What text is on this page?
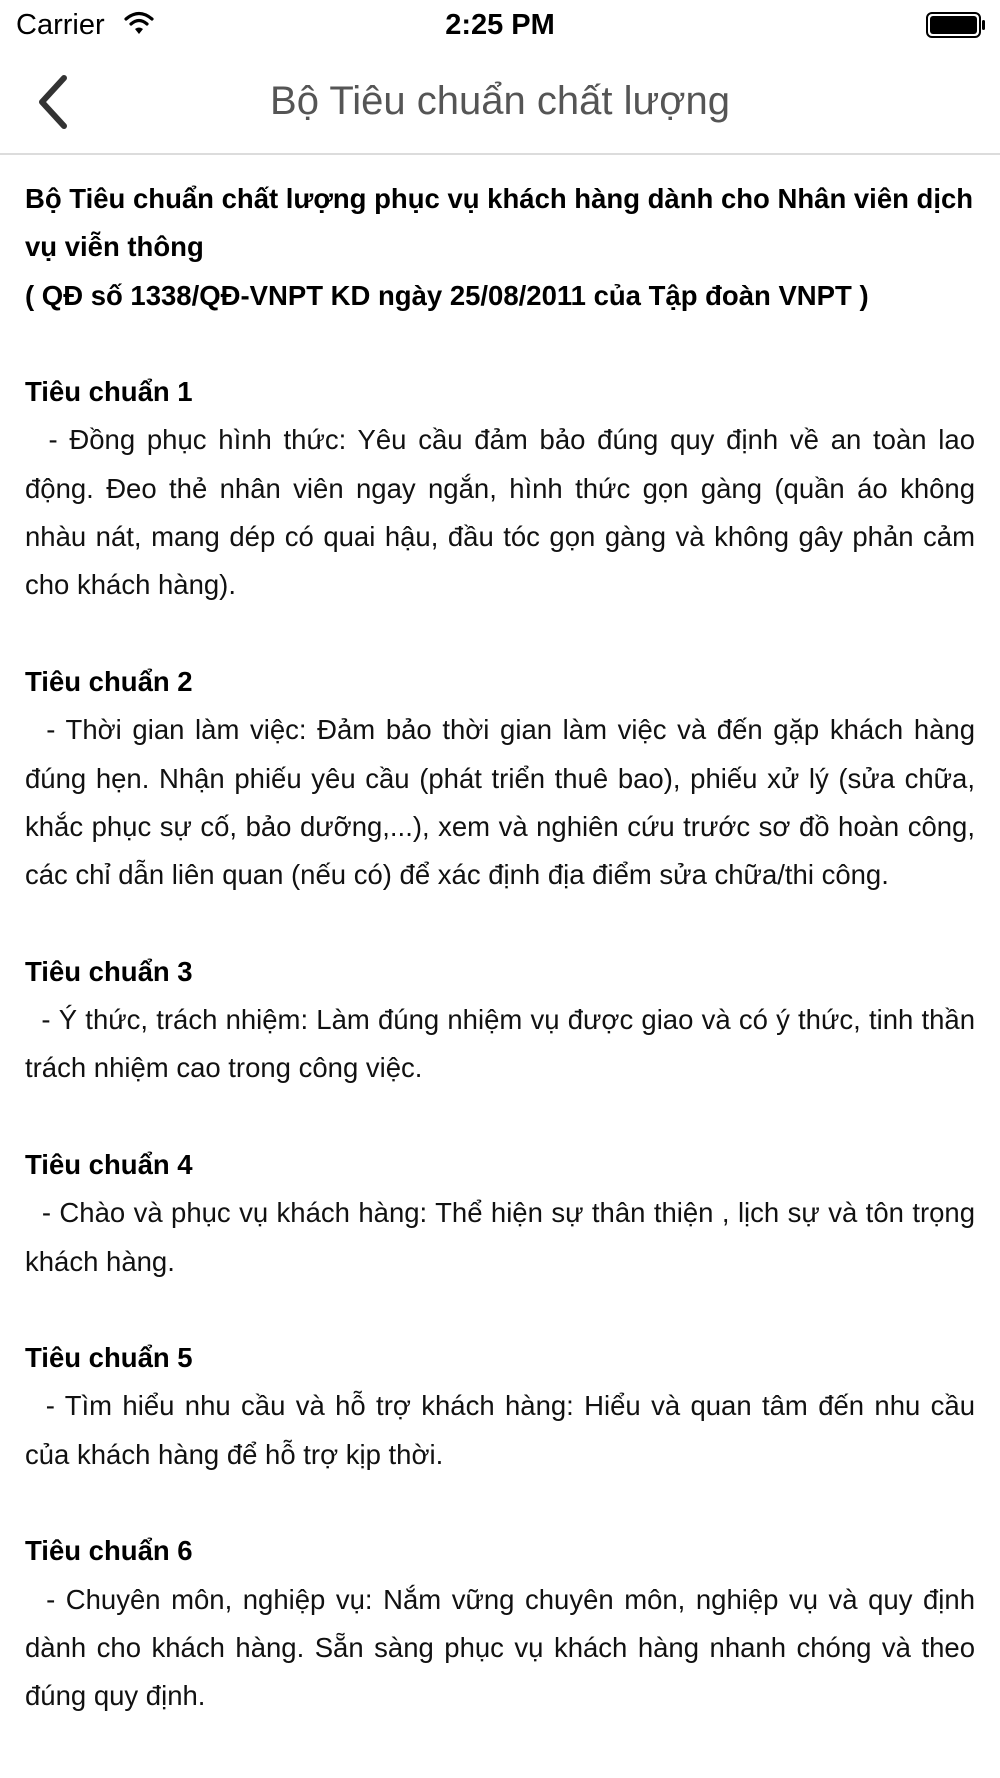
Carrier	2:25 PM
Bộ Tiêu chuẩn chất lượng
Bộ Tiêu chuẩn chất lượng phục vụ khách hàng dành cho Nhân viên dịch vụ viễn thông
( QĐ số 1338/QĐ-VNPT KD ngày 25/08/2011 của Tập đoàn VNPT )
Tiêu chuẩn 1
- Đồng phục hình thức: Yêu cầu đảm bảo đúng quy định về an toàn lao động. Đeo thẻ nhân viên ngay ngắn, hình thức gọn gàng (quần áo không nhàu nát, mang dép có quai hậu, đầu tóc gọn gàng và không gây phản cảm cho khách hàng).
Tiêu chuẩn 2
- Thời gian làm việc: Đảm bảo thời gian làm việc và đến gặp khách hàng đúng hẹn. Nhận phiếu yêu cầu (phát triển thuê bao), phiếu xử lý (sửa chữa, khắc phục sự cố, bảo dưỡng,...), xem và nghiên cứu trước sơ đồ hoàn công, các chỉ dẫn liên quan (nếu có) để xác định địa điểm sửa chữa/thi công.
Tiêu chuẩn 3
- Ý thức, trách nhiệm: Làm đúng nhiệm vụ được giao và có ý thức, tinh thần trách nhiệm cao trong công việc.
Tiêu chuẩn 4
- Chào và phục vụ khách hàng: Thể hiện sự thân thiện , lịch sự và tôn trọng khách hàng.
Tiêu chuẩn 5
- Tìm hiểu nhu cầu và hỗ trợ khách hàng: Hiểu và quan tâm đến nhu cầu của khách hàng để hỗ trợ kịp thời.
Tiêu chuẩn 6
- Chuyên môn, nghiệp vụ: Nắm vững chuyên môn, nghiệp vụ và quy định dành cho khách hàng. Sẵn sàng phục vụ khách hàng nhanh chóng và theo đúng quy định.
